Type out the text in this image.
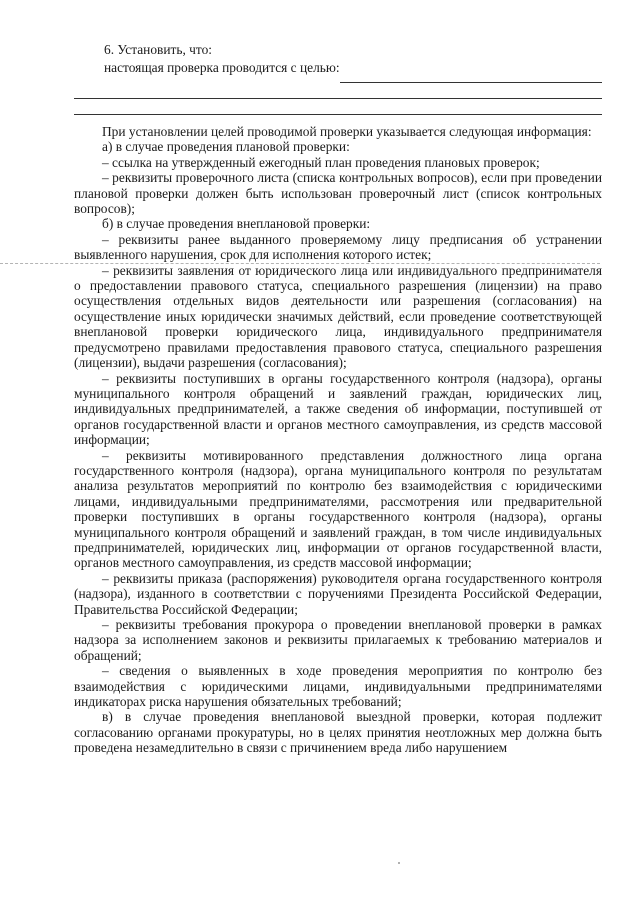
6. Установить, что:
настоящая проверка проводится с целью:

При установлении целей проводимой проверки указывается следующая информация:

а) в случае проведения плановой проверки:

– ссылка на утвержденный ежегодный план проведения плановых проверок;

– реквизиты проверочного листа (списка контрольных вопросов), если при проведении плановой проверки должен быть использован проверочный лист (список контрольных вопросов);

б) в случае проведения внеплановой проверки:

– реквизиты ранее выданного проверяемому лицу предписания об устранении выявленного нарушения, срок для исполнения которого истек;

– реквизиты заявления от юридического лица или индивидуального предпринимателя о предоставлении правового статуса, специального разрешения (лицензии) на право осуществления отдельных видов деятельности или разрешения (согласования) на осуществление иных юридически значимых действий, если проведение соответствующей внеплановой проверки юридического лица, индивидуального предпринимателя предусмотрено правилами предоставления правового статуса, специального разрешения (лицензии), выдачи разрешения (согласования);

– реквизиты поступивших в органы государственного контроля (надзора), органы муниципального контроля обращений и заявлений граждан, юридических лиц, индивидуальных предпринимателей, а также сведения об информации, поступившей от органов государственной власти и органов местного самоуправления, из средств массовой информации;

– реквизиты мотивированного представления должностного лица органа государственного контроля (надзора), органа муниципального контроля по результатам анализа результатов мероприятий по контролю без взаимодействия с юридическими лицами, индивидуальными предпринимателями, рассмотрения или предварительной проверки поступивших в органы государственного контроля (надзора), органы муниципального контроля обращений и заявлений граждан, в том числе индивидуальных предпринимателей, юридических лиц, информации от органов государственной власти, органов местного самоуправления, из средств массовой информации;

– реквизиты приказа (распоряжения) руководителя органа государственного контроля (надзора), изданного в соответствии с поручениями Президента Российской Федерации, Правительства Российской Федерации;

– реквизиты требования прокурора о проведении внеплановой проверки в рамках надзора за исполнением законов и реквизиты прилагаемых к требованию материалов и обращений;

– сведения о выявленных в ходе проведения мероприятия по контролю без взаимодействия с юридическими лицами, индивидуальными предпринимателями индикаторах риска нарушения обязательных требований;

в) в случае проведения внеплановой выездной проверки, которая подлежит согласованию органами прокуратуры, но в целях принятия неотложных мер должна быть проведена незамедлительно в связи с причинением вреда либо нарушением
